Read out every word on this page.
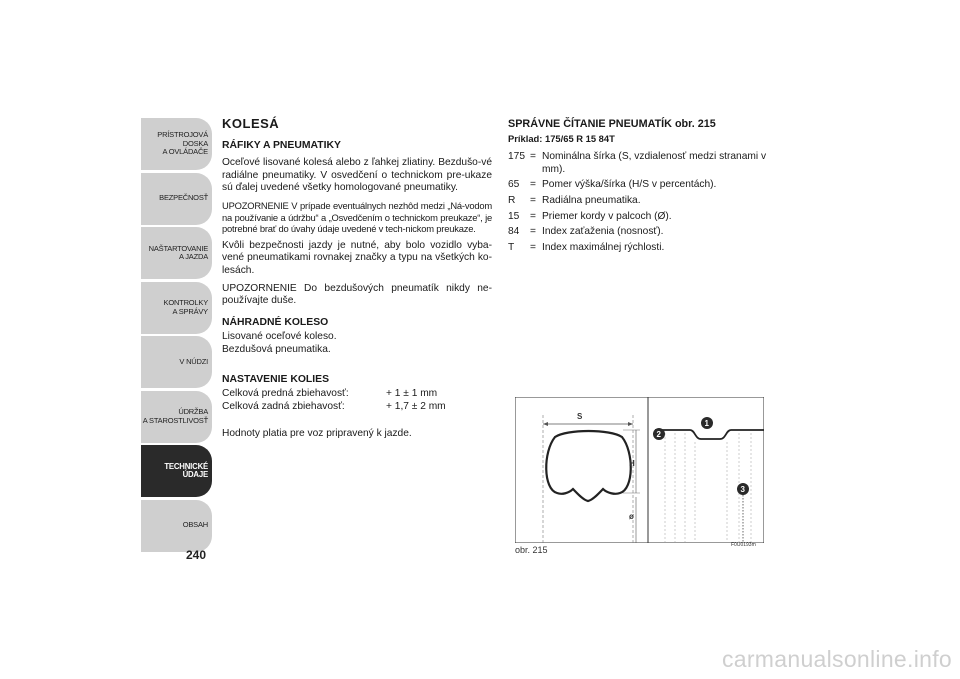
PRÍSTROJOVÁ
DOSKA
A OVLÁDAČE
BEZPEČNOSŤ
NAŠTARTOVANIE
A JAZDA
KONTROLKY
A SPRÁVY
V NÚDZI
ÚDRŽBA
A STAROSTLIVOSŤ
TECHNICKÉ ÚDAJE
OBSAH
240
KOLESÁ
RÁFIKY A PNEUMATIKY

Oceľové lisované kolesá alebo z ľahkej zliatiny. Bezdušo-vé radiálne pneumatiky. V osvedčení o technickom pre-ukaze sú ďalej uvedené všetky homologované pneumatiky.

UPOZORNENIE V prípade eventuálnych nezhôd medzi „Ná-vodom na používanie a údržbu“ a „Osvedčením o technickom preukaze“, je potrebné brať do úvahy údaje uvedené v tech-nickom preukaze.

Kvôli bezpečnosti jazdy je nutné, aby bolo vozidlo vyba-vené pneumatikami rovnakej značky a typu na všetkých ko-lesách.

UPOZORNENIE Do bezdušových pneumatík nikdy ne-používajte duše.

NÁHRADNÉ KOLESO
Lisované oceľové koleso.
Bezdušová pneumatika.
NASTAVENIE KOLIES
Celková predná zbiehavosť:	+ 1 ± 1 mm
Celková zadná zbiehavosť:	+ 1,7 ± 2 mm
Hodnoty platia pre voz pripravený k jazde.
SPRÁVNE ČÍTANIE PNEUMATÍK obr. 215
Príklad: 175/65 R 15 84T
175 = Nominálna šírka (S, vzdialenosť medzi stranami v mm).
65	= Pomer výška/šírka (H/S v percentách).
R	= Radiálna pneumatika.
15	= Priemer kordy v palcoch (Ø).
84	= Index zaťaženia (nosnosť).
T	= Index maximálnej rýchlosti.
S
H
ø
1
2
3
obr. 215	F0U0193m
carmanualsonline.info
